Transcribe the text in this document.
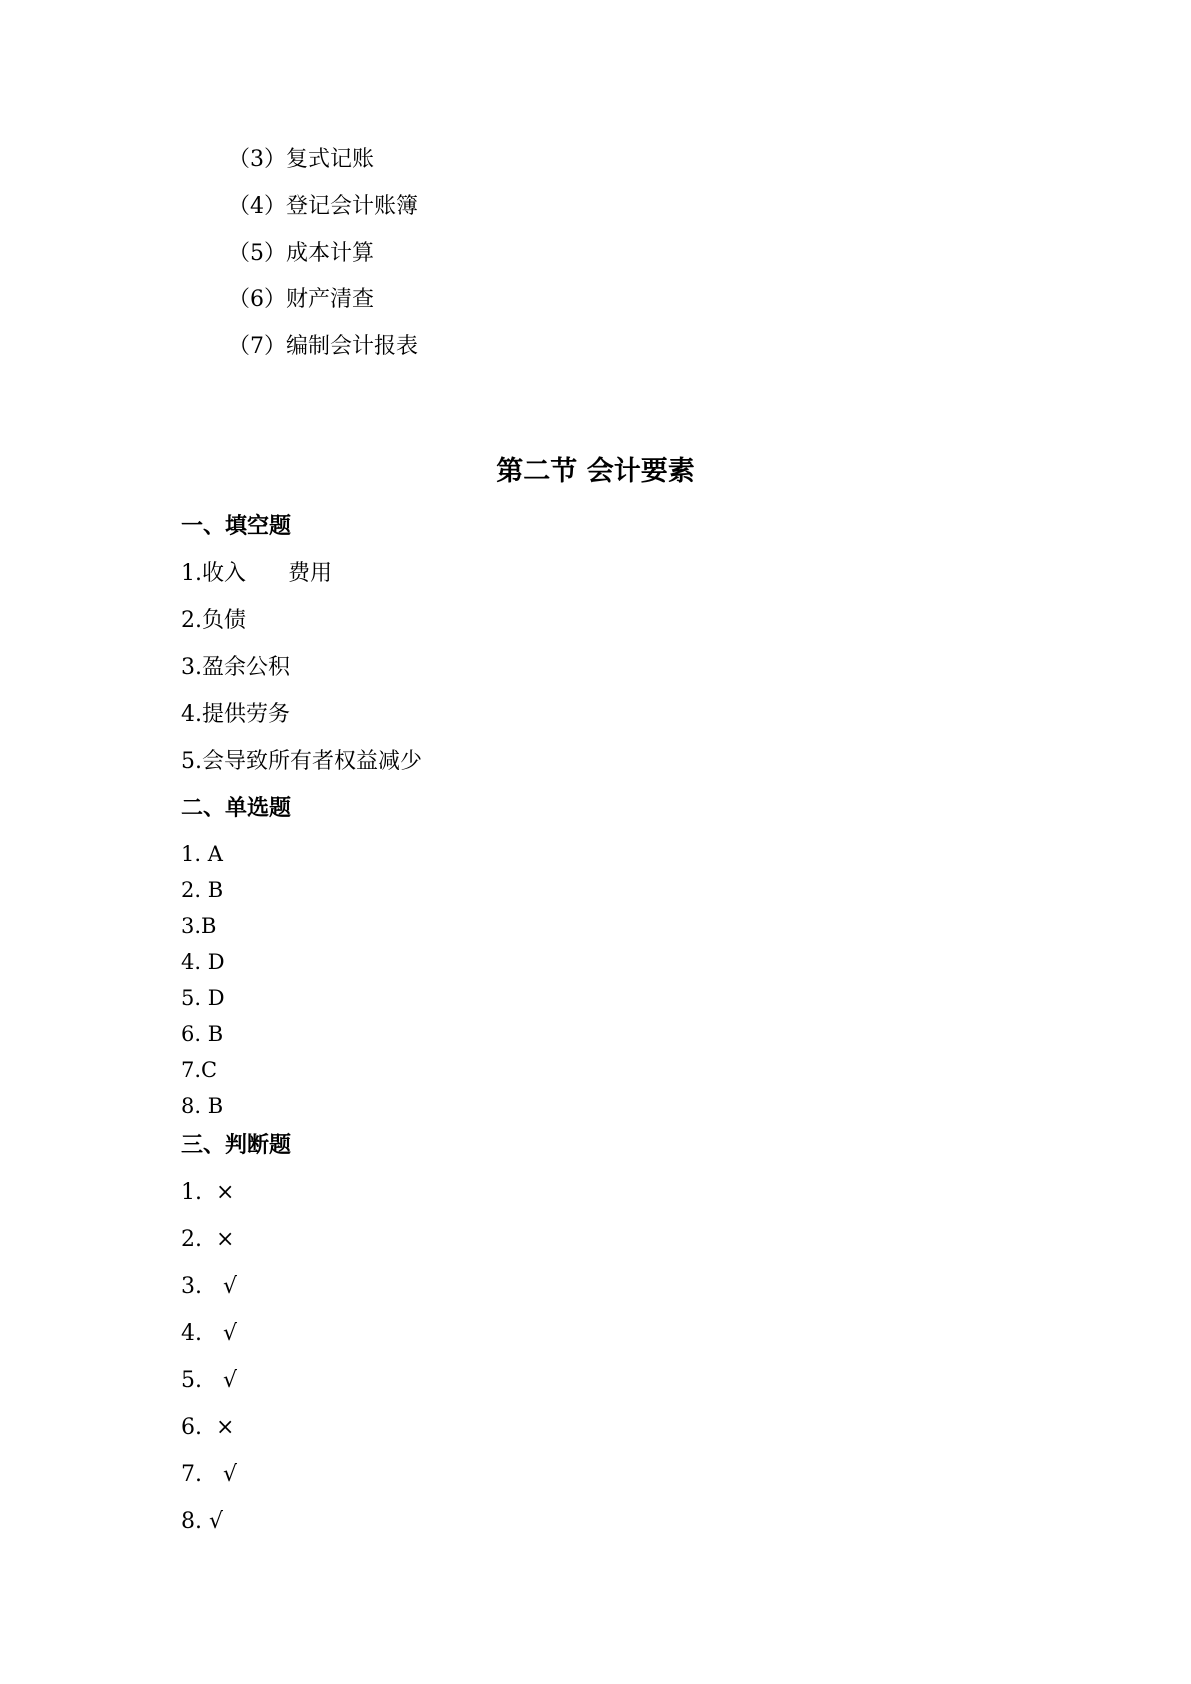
（3）复式记账
（4）登记会计账簿
（5）成本计算
（6）财产清查
（7）编制会计报表
第二节 会计要素
一、填空题
1.收入      费用
2.负债
3.盈余公积
4.提供劳务
5.会导致所有者权益减少
二、单选题
1. A
2. B
3.B
4. D
5. D
6. B
7.C
8. B
三、判断题
1.  ×
2.  ×
3.   √
4.   √
5.   √
6.  ×
7.   √
8. √
